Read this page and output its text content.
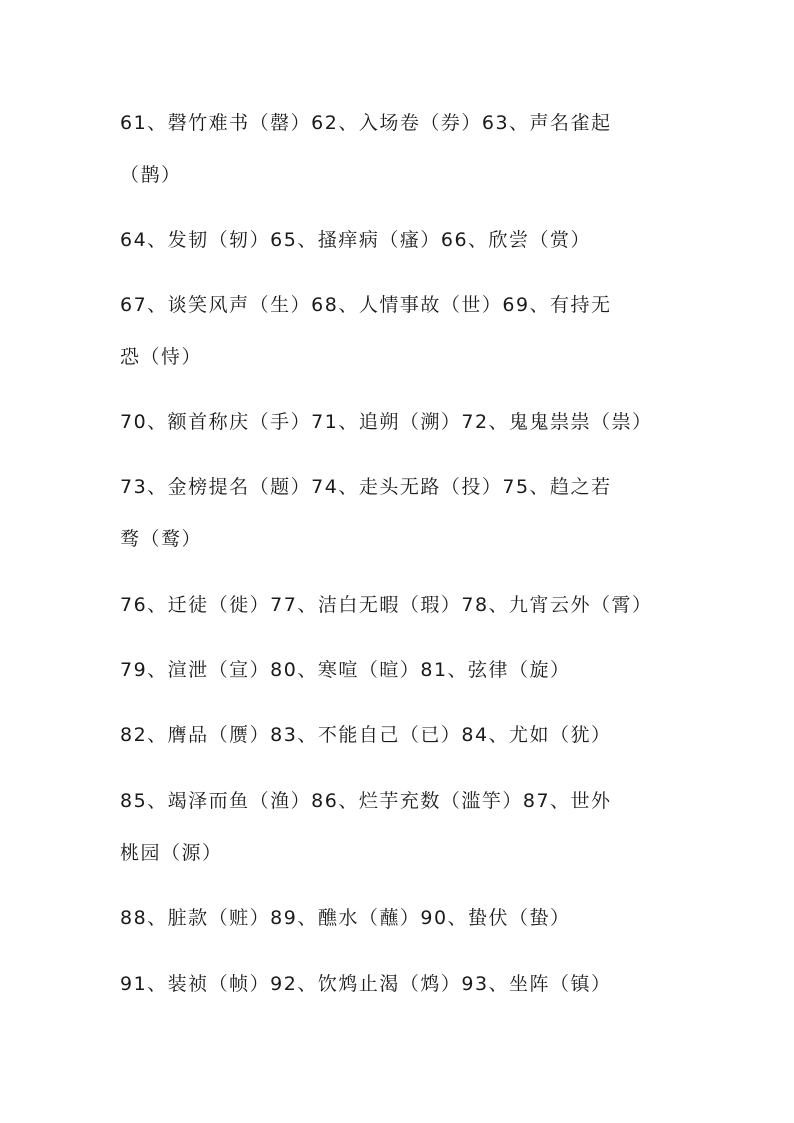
61、磬竹难书（罄）62、入场卷（券）63、声名雀起
（鹊）
64、发韧（轫）65、搔痒病（瘙）66、欣尝（赏）
67、谈笑风声（生）68、人情事故（世）69、有持无
恐（恃）
70、额首称庆（手）71、追朔（溯）72、鬼鬼祟祟（祟）
73、金榜提名（题）74、走头无路（投）75、趋之若
骛（鹜）
76、迁徒（徙）77、洁白无暇（瑕）78、九宵云外（霄）
79、渲泄（宣）80、寒喧（暄）81、弦律（旋）
82、膺品（赝）83、不能自己（已）84、尤如（犹）
85、竭泽而鱼（渔）86、烂芋充数（滥竽）87、世外
桃园（源）
88、脏款（赃）89、醮水（蘸）90、蛰伏（蛰）
91、装祯（帧）92、饮鸩止渴（鸩）93、坐阵（镇）
